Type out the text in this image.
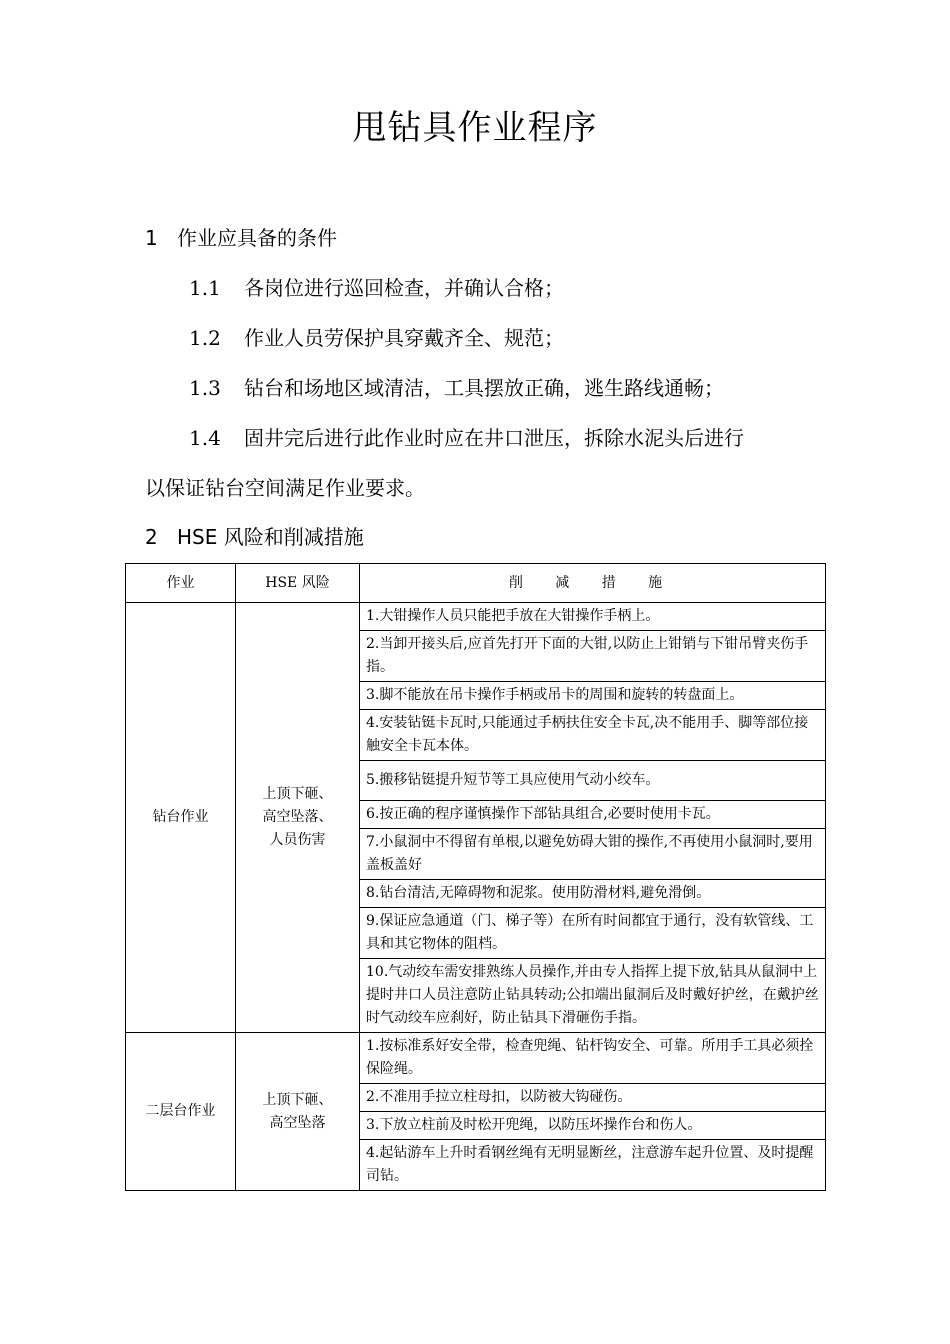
甩钻具作业程序
1 作业应具备的条件
1.1 各岗位进行巡回检查，并确认合格；
1.2 作业人员劳保护具穿戴齐全、规范；
1.3 钻台和场地区域清洁，工具摆放正确，逃生路线通畅；
1.4 固井完后进行此作业时应在井口泄压，拆除水泥头后进行
以保证钻台空间满足作业要求。
2 HSE 风险和削减措施
作业	HSE 风险	削 减 措 施
钻台作业	上顶下砸、
高空坠落、
人员伤害	1.大钳操作人员只能把手放在大钳操作手柄上。
		2.当卸开接头后,应首先打开下面的大钳,以防止上钳销与下钳吊臂夹伤手指。
		3.脚不能放在吊卡操作手柄或吊卡的周围和旋转的转盘面上。
		4.安装钻铤卡瓦时,只能通过手柄扶住安全卡瓦,决不能用手、脚等部位接触安全卡瓦本体。
		5.搬移钻铤提升短节等工具应使用气动小绞车。
		6.按正确的程序谨慎操作下部钻具组合,必要时使用卡瓦。
		7.小鼠洞中不得留有单根,以避免妨碍大钳的操作,不再使用小鼠洞时,要用盖板盖好
		8.钻台清洁,无障碍物和泥浆。使用防滑材料,避免滑倒。
		9.保证应急通道（门、梯子等）在所有时间都宜于通行，没有软管线、工具和其它物体的阻档。
		10.气动绞车需安排熟练人员操作,并由专人指挥上提下放,钻具从鼠洞中上提时井口人员注意防止钻具转动;公扣端出鼠洞后及时戴好护丝，在戴护丝时气动绞车应刹好，防止钻具下滑砸伤手指。
二层台作业	上顶下砸、
高空坠落	1.按标准系好安全带，检查兜绳、钻杆钩安全、可靠。所用手工具必须拴保险绳。
		2.不准用手拉立柱母扣，以防被大钩碰伤。
		3.下放立柱前及时松开兜绳，以防压坏操作台和伤人。
		4.起钻游车上升时看钢丝绳有无明显断丝，注意游车起升位置、及时提醒司钻。
